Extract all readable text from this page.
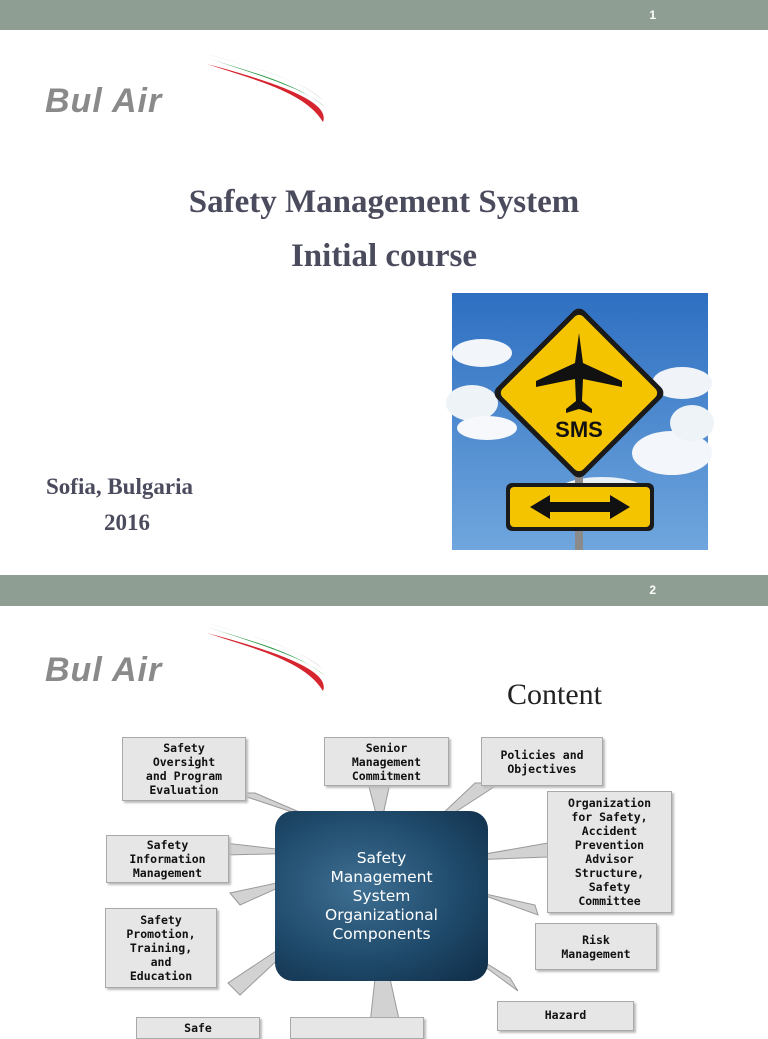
1
Bul Air
Safety Management System
Initial course
Sofia, Bulgaria
2016
SMS
2
Bul Air
Content
Safety
Oversight
and Program
Evaluation
Senior
Management
Commitment
Policies and
Objectives
Organization
for Safety,
Accident
Prevention
Advisor
Structure,
Safety
Committee
Safety
Information
Management
Safety
Promotion,
Training,
and
Education
Risk
Management
Hazard
Safe
Safety
Management
System
Organizational
Components
